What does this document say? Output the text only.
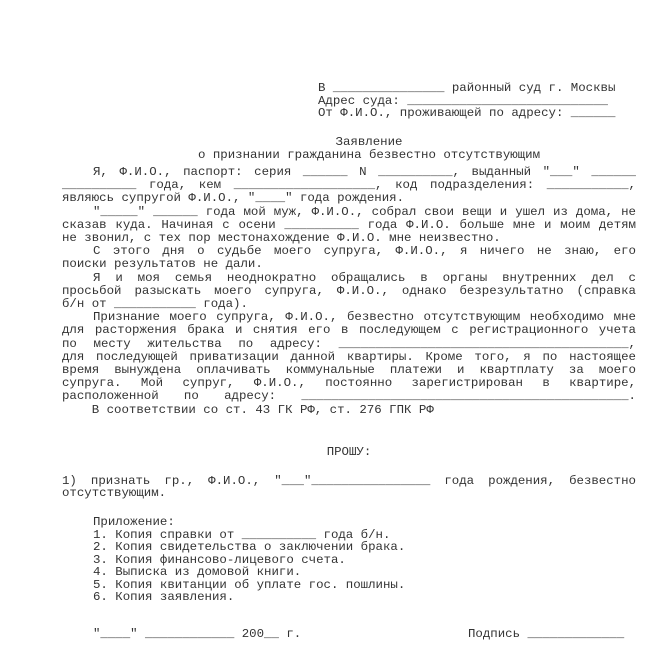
В _______________ районный суд г. Москвы
Адрес суда: ___________________________
От Ф.И.О., проживающей по адресу: ______
Заявление
о признании гражданина безвестно отсутствующим
Я, Ф.И.О., паспорт: серия ______ N __________, выданный "___" ______
__________ года, кем ___________________, код подразделения: ___________,
являюсь супругой Ф.И.О., "____" года рождения.
"_____" ______ года мой муж, Ф.И.О., собрал свои вещи и ушел из дома, не
сказав куда. Начиная с осени __________ года Ф.И.О. больше мне и моим детям
не звонил, с тех пор местонахождение Ф.И.О. мне неизвестно.
С этого дня о судьбе моего супруга, Ф.И.О., я ничего не знаю, его
поиски результатов не дали.
Я и моя семья неоднократно обращались в органы внутренних дел с
просьбой разыскать моего супруга, Ф.И.О., однако безрезультатно (справка
б/н от ___________ года).
Признание моего супруга, Ф.И.О., безвестно отсутствующим необходимо мне
для расторжения брака и снятия его в последующем с регистрационного учета
по месту жительства по адресу: _______________________________________,
для последующей приватизации данной квартиры. Кроме того, я по настоящее
время вынуждена оплачивать коммунальные платежи и квартплату за моего
супруга. Мой супруг, Ф.И.О., постоянно зарегистрирован в квартире,
расположенной по адресу: ____________________________________________.
В соответствии со ст. 43 ГК РФ, ст. 276 ГПК РФ
ПРОШУ:
1) признать гр., Ф.И.О., "___"________________ года рождения, безвестно
отсутствующим.
Приложение:
1. Копия справки от __________ года б/н.
2. Копия свидетельства о заключении брака.
3. Копия финансово-лицевого счета.
4. Выписка из домовой книги.
5. Копия квитанции об уплате гос. пошлины.
6. Копия заявления.
"____" ____________ 200__ г.	Подпись _____________
